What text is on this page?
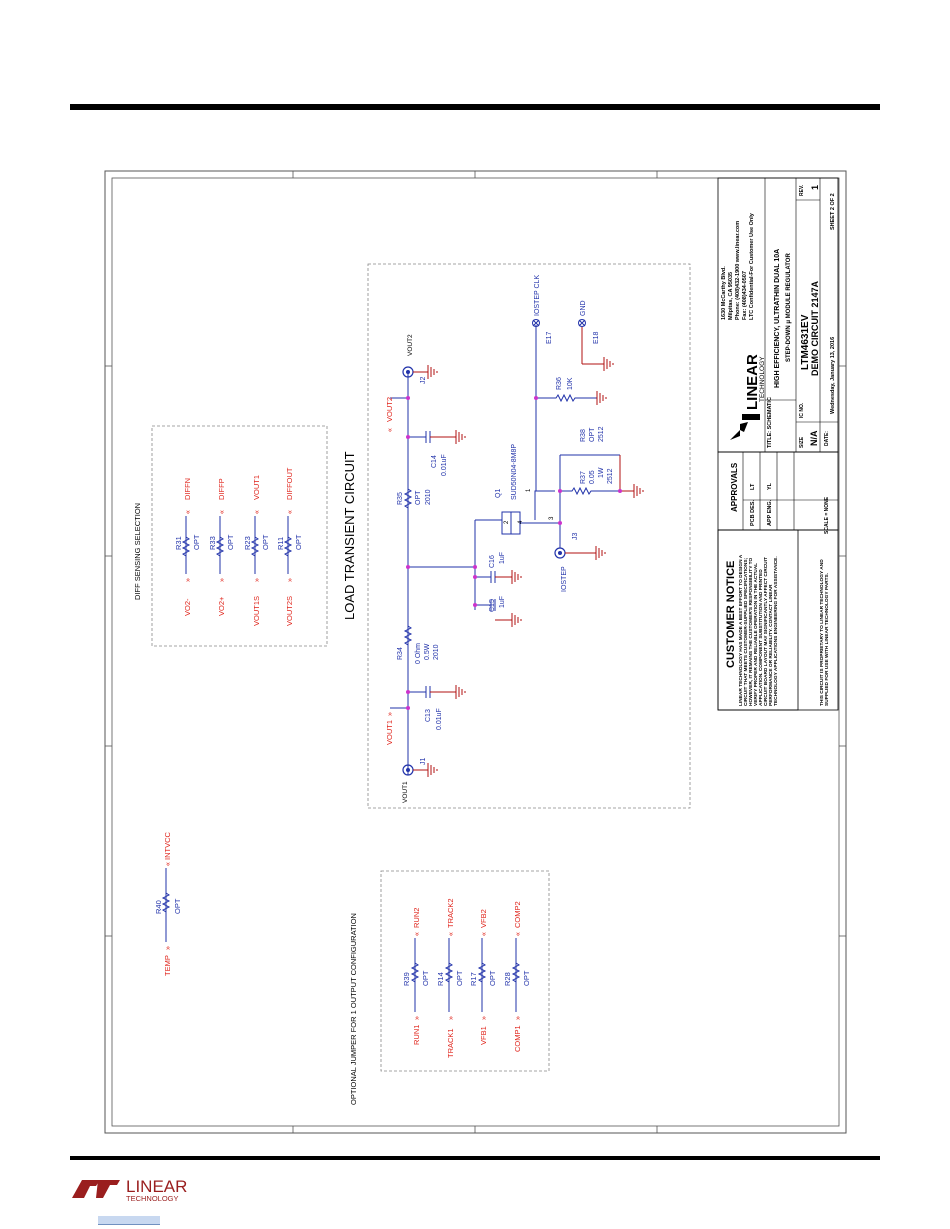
DIFF SENSING SELECTION
VO2-
»
R31 OPT
«
DIFFN
VO2+
»
R33 OPT
«
DIFFP
VOUT1S
»
R23 OPT
«
VOUT1
VOUT2S
»
R11 OPT
«
DIFFOUT
TEMP
»
R40 OPT
«
INTVCC
OPTIONAL JUMPER FOR 1 OUTPUT CONFIGURATION	RUN1
»
R39 OPT
«
RUN2
TRACK1
»
R14 OPT
«
TRACK2
VFB1
»
R17 OPT
«
VFB2
COMP1
»
R28 OPT
«
COMP2
LOAD TRANSIENT CIRCUIT
VOUT1
»
«
VOUT2
J1
VOUT1
J2
VOUT2
C13 0.01uF
C14 0.01uF
R34 0 Ohm 0.5W 2010
R35 OPT 2010
C15 1uF
C16 1uF
2
1
3
4
Q1 SUD50N04-8M8P
J3
IOSTEP
R37 0.05 1W 2512
R38 OPT 2512
R36 10K
E17
IOSTEP CLK
E18
GND
CUSTOMER NOTICE LINEAR TECHNOLOGY HAS MADE A BEST EFFORT TO DESIGN A CIRCUIT THAT MEETS CUSTOMER-SUPPLIED SPECIFICATIONS; HOWEVER, IT REMAINS THE CUSTOMER'S RESPONSIBILITY TO VERIFY PROPER AND RELIABLE OPERATION IN THE ACTUAL APPLICATION. COMPONENT SUBSTITUTION AND PRINTED CIRCUIT BOARD LAYOUT MAY SIGNIFICANTLY AFFECT CIRCUIT PERFORMANCE OR RELIABILITY. CONTACT LINEAR TECHNOLOGY APPLICATIONS ENGINEERING FOR ASSISTANCE.	THIS CIRCUIT IS PROPRIETARY TO LINEAR TECHNOLOGY AND SUPPLIED FOR USE WITH LINEAR TECHNOLOGY PARTS.
APPROVALS
PCB DES.
LT
APP ENG.
YL
LINEAR
TECHNOLOGY
1630 McCarthy Blvd. Milpitas, CA 95035 Phone: (408)432-1900 www.linear.com Fax: (408)434-0507 LTC Confidential-For Customer Use Only
TITLE: SCHEMATIC
HIGH EFFICIENCY, ULTRATHIN DUAL 10A STEP-DOWN μ MODULE REGULATOR
SIZE N/A
IC NO.
LTM4631EV DEMO CIRCUIT 2147A
REV. 1
SCALE = NONE
DATE:
Wednesday, January 13, 2016
SHEET 2 OF 2
LINEAR
TECHNOLOGY
